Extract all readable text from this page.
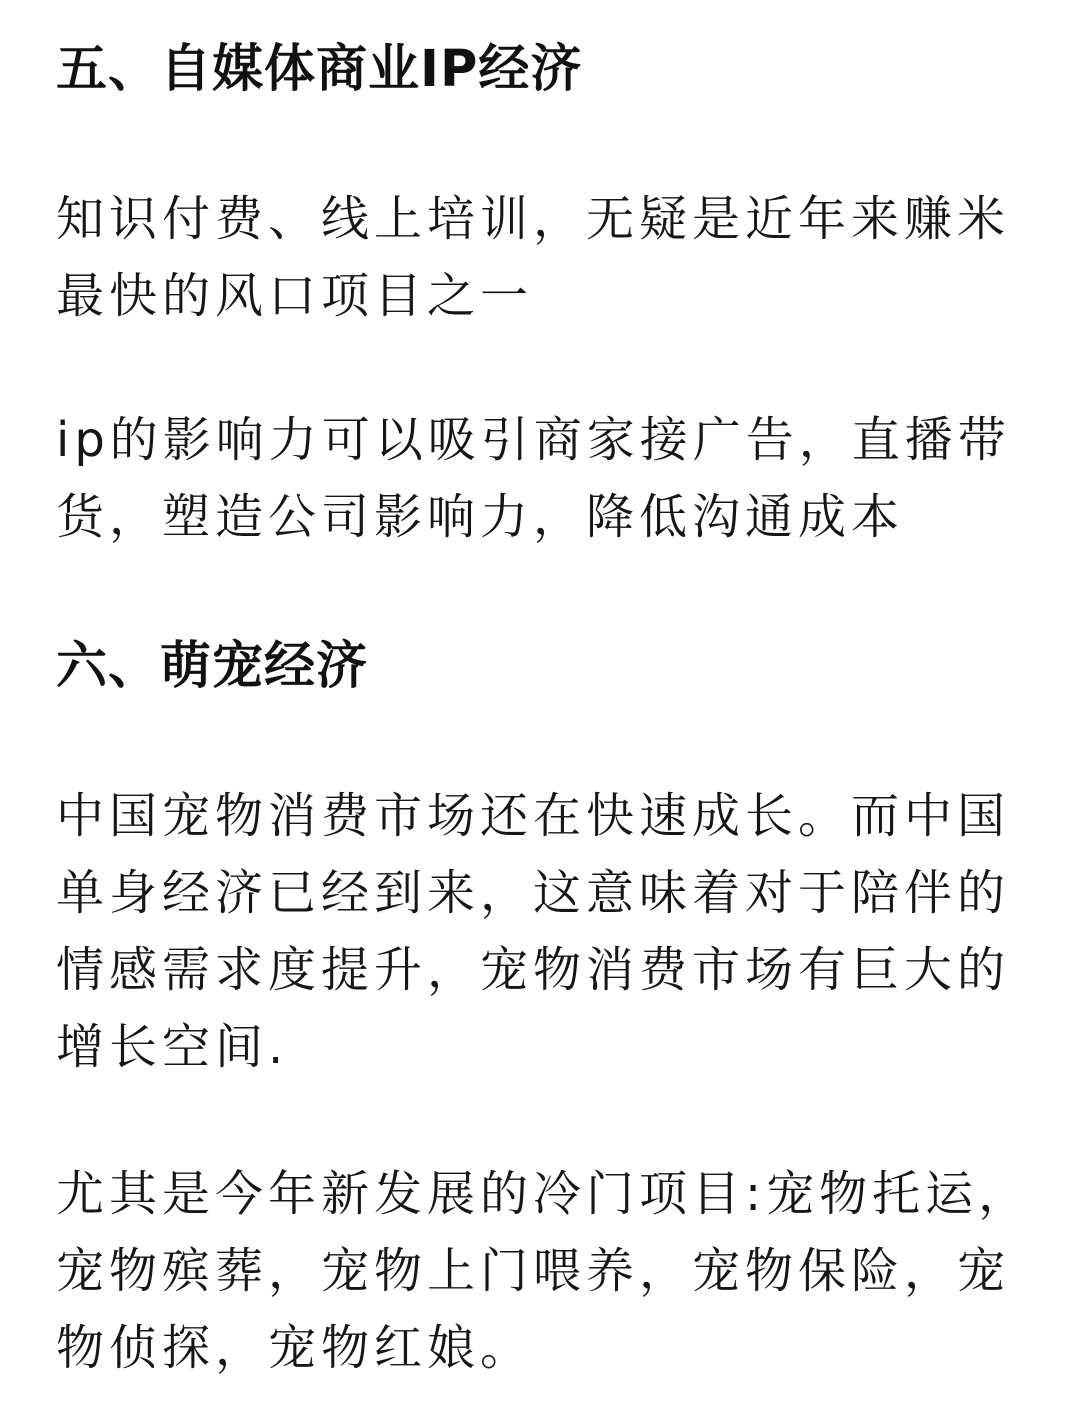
五、自媒体商业IP经济
知识付费、线上培训，无疑是近年来赚米
最快的风口项目之一
ip的影响力可以吸引商家接广告，直播带
货，塑造公司影响力，降低沟通成本
六、萌宠经济
中国宠物消费市场还在快速成长。而中国
单身经济已经到来，这意味着对于陪伴的
情感需求度提升，宠物消费市场有巨大的
增长空间.
尤其是今年新发展的冷门项目:宠物托运，
宠物殡葬，宠物上门喂养，宠物保险，宠
物侦探，宠物红娘。
